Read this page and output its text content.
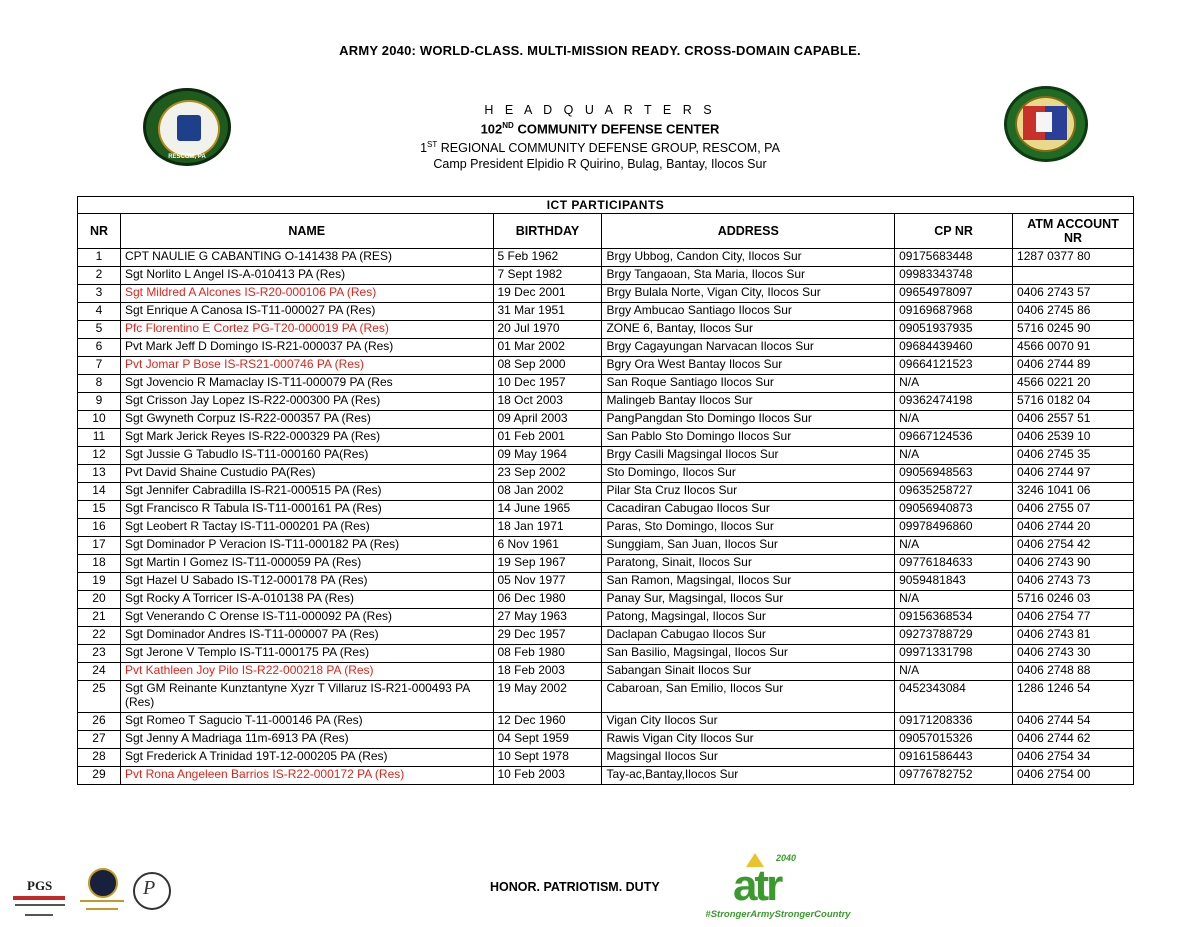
ARMY 2040: WORLD-CLASS. MULTI-MISSION READY. CROSS-DOMAIN CAPABLE.
RESCOM, PA
H E A D Q U A R T E R S
102ND COMMUNITY DEFENSE CENTER
1ST REGIONAL COMMUNITY DEFENSE GROUP, RESCOM, PA
Camp President Elpidio R Quirino, Bulag, Bantay, Ilocos Sur
ICT PARTICIPANTS					
NR	NAME	BIRTHDAY	ADDRESS	CP NR	ATM ACCOUNT NR
1	CPT NAULIE G CABANTING O-141438 PA (RES)	5 Feb 1962	Brgy Ubbog, Candon City, Ilocos Sur	09175683448	1287 0377 80
2	Sgt Norlito L Angel IS-A-010413 PA (Res)	7 Sept 1982	Brgy Tangaoan, Sta Maria, Ilocos Sur	09983343748	
3	Sgt Mildred A Alcones IS-R20-000106 PA (Res)	19 Dec 2001	Brgy Bulala Norte, Vigan City, Ilocos Sur	09654978097	0406 2743 57
4	Sgt Enrique A Canosa IS-T11-000027 PA (Res)	31 Mar 1951	Brgy Ambucao Santiago Ilocos Sur	09169687968	0406 2745 86
5	Pfc Florentino E Cortez PG-T20-000019 PA (Res)	20 Jul 1970	ZONE 6, Bantay, Ilocos Sur	09051937935	5716 0245 90
6	Pvt Mark Jeff D Domingo IS-R21-000037 PA (Res)	01 Mar 2002	Brgy Cagayungan Narvacan Ilocos Sur	09684439460	4566 0070 91
7	Pvt Jomar P Bose IS-RS21-000746 PA (Res)	08 Sep 2000	Bgry Ora West Bantay Ilocos Sur	09664121523	0406 2744 89
8	Sgt Jovencio R Mamaclay IS-T11-000079 PA (Res	10 Dec 1957	San Roque Santiago Ilocos Sur	N/A	4566 0221 20
9	Sgt Crisson Jay Lopez IS-R22-000300 PA (Res)	18 Oct 2003	Malingeb Bantay Ilocos Sur	09362474198	5716 0182 04
10	Sgt Gwyneth Corpuz IS-R22-000357 PA (Res)	09 April 2003	PangPangdan Sto Domingo Ilocos Sur	N/A	0406 2557 51
11	Sgt Mark Jerick Reyes IS-R22-000329 PA (Res)	01 Feb 2001	San Pablo Sto Domingo Ilocos Sur	09667124536	0406 2539 10
12	Sgt Jussie G Tabudlo IS-T11-000160 PA(Res)	09 May 1964	Brgy Casili Magsingal Ilocos Sur	N/A	0406 2745 35
13	Pvt David Shaine Custudio PA(Res)	23 Sep 2002	Sto Domingo, Ilocos Sur	09056948563	0406 2744 97
14	Sgt Jennifer Cabradilla IS-R21-000515 PA (Res)	08 Jan 2002	Pilar Sta Cruz Ilocos Sur	09635258727	3246 1041 06
15	Sgt Francisco R Tabula IS-T11-000161 PA (Res)	14 June 1965	Cacadiran Cabugao Ilocos Sur	09056940873	0406 2755 07
16	Sgt Leobert R Tactay IS-T11-000201 PA (Res)	18 Jan 1971	Paras, Sto Domingo, Ilocos Sur	09978496860	0406 2744 20
17	Sgt Dominador P Veracion IS-T11-000182 PA (Res)	6 Nov 1961	Sunggiam, San Juan, Ilocos Sur	N/A	0406 2754 42
18	Sgt Martin I Gomez IS-T11-000059 PA (Res)	19 Sep 1967	Paratong, Sinait, Ilocos Sur	09776184633	0406 2743 90
19	Sgt Hazel U Sabado IS-T12-000178 PA (Res)	05 Nov 1977	San Ramon, Magsingal, Ilocos Sur	9059481843	0406 2743 73
20	Sgt Rocky A Torricer IS-A-010138 PA (Res)	06 Dec 1980	Panay Sur, Magsingal, Ilocos Sur	N/A	5716 0246 03
21	Sgt Venerando C Orense IS-T11-000092 PA (Res)	27 May 1963	Patong, Magsingal, Ilocos Sur	09156368534	0406 2754 77
22	Sgt Dominador Andres IS-T11-000007 PA (Res)	29 Dec 1957	Daclapan Cabugao Ilocos Sur	09273788729	0406 2743 81
23	Sgt Jerone V Templo IS-T11-000175 PA (Res)	08 Feb 1980	San Basilio, Magsingal, Ilocos Sur	09971331798	0406 2743 30
24	Pvt Kathleen Joy Pilo IS-R22-000218 PA (Res)	18 Feb 2003	Sabangan Sinait Ilocos Sur	N/A	0406 2748 88
25	Sgt GM Reinante Kunztantyne Xyzr T Villaruz IS-R21-000493 PA (Res)	19 May 2002	Cabaroan, San Emilio, Ilocos Sur	0452343084	1286 1246 54
26	Sgt Romeo T Sagucio T-11-000146 PA (Res)	12 Dec 1960	Vigan City Ilocos Sur	09171208336	0406 2744 54
27	Sgt Jenny A Madriaga 11m-6913 PA (Res)	04 Sept 1959	Rawis Vigan City Ilocos Sur	09057015326	0406 2744 62
28	Sgt Frederick A Trinidad 19T-12-000205 PA (Res)	10 Sept 1978	Magsingal Ilocos Sur	09161586443	0406 2754 34
29	Pvt Rona Angeleen Barrios IS-R22-000172 PA (Res)	10 Feb 2003	Tay-ac,Bantay,Ilocos Sur	09776782752	0406 2754 00
PGS	P	HONOR. PATRIOTISM. DUTY
2040
atr
#StrongerArmyStrongerCountry
